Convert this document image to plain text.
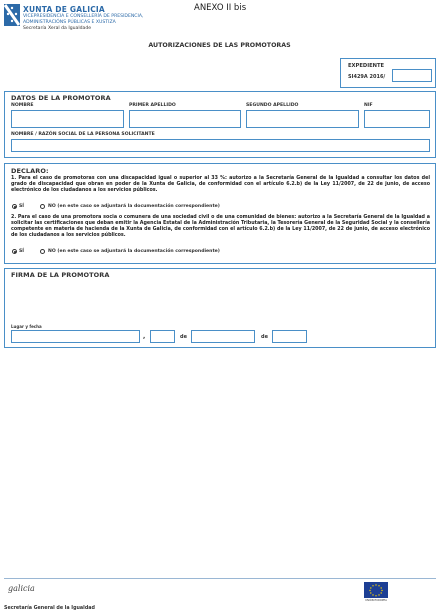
XUNTA DE GALICIA
VICEPRESIDENCIA E CONSELLERÍA DE PRESIDENCIA,
ADMINISTRACIÓNS PÚBLICAS E XUSTIZA
Secretaría Xeral da Igualdade
ANEXO II bis
AUTORIZACIONES DE LAS PROMOTORAS
EXPEDIENTE
SI429A 2016/
DATOS DE LA PROMOTORA
NOMBRE	PRIMER APELLIDO	SEGUNDO APELLIDO	NIF
NOMBRE / RAZÓN SOCIAL DE LA PERSONA SOLICITANTE
DECLARO:
1. Para el caso de promotoras con una discapacidad igual o superior al 33 %: autorizo a la Secretaría General de la Igualdad a consultar los datos del grado de discapacidad que obran en poder de la Xunta de Galicia, de conformidad con el artículo 6.2.b) de la Ley 11/2007, de 22 de junio, de acceso electrónico de los ciudadanos a los servicios públicos.
SÍ	NO (en este caso se adjuntará la documentación correspondiente)
2. Para el caso de una promotora socia o comunera de una sociedad civil o de una comunidad de bienes: autorizo a la Secretaría General de la Igualdad a solicitar las certificaciones que deban emitir la Agencia Estatal de la Administración Tributaria, la Tesorería General de la Seguridad Social y la consellería competente en materia de hacienda de la Xunta de Galicia, de conformidad con el artículo 6.2.b) de la Ley 11/2007, de 22 de junio, de acceso electrónico de los ciudadanos a los servicios públicos.
SÍ	NO (en este caso se adjuntará la documentación correspondiente)
FIRMA DE LA PROMOTORA
Lugar y fecha
,	de	de
galicia
UNIÓN EUROPEA
Secretaría General de la Igualdad
